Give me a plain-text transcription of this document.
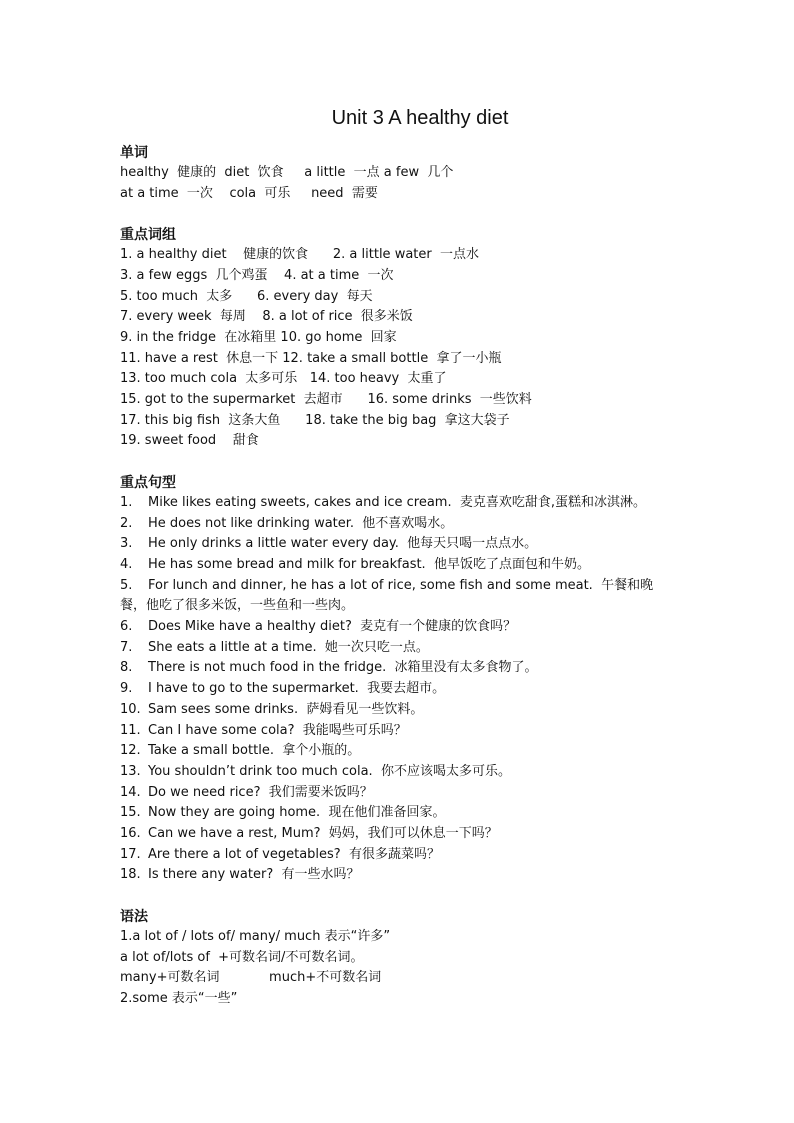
Unit 3 A healthy diet

单词

healthy  健康的  diet  饮食     a little  一点 a few  几个

at a time  一次    cola  可乐     need  需要

重点词组

1. a healthy diet    健康的饮食      2. a little water  一点水

3. a few eggs  几个鸡蛋    4. at a time  一次

5. too much  太多      6. every day  每天

7. every week  每周    8. a lot of rice  很多米饭

9. in the fridge  在冰箱里 10. go home  回家

11. have a rest  休息一下 12. take a small bottle  拿了一小瓶

13. too much cola  太多可乐   14. too heavy  太重了

15. got to the supermarket  去超市      16. some drinks  一些饮料

17. this big fish  这条大鱼      18. take the big bag  拿这大袋子

19. sweet food    甜食

重点句型

1. Mike likes eating sweets, cakes and ice cream.  麦克喜欢吃甜食,蛋糕和冰淇淋。

2. He does not like drinking water.  他不喜欢喝水。

3. He only drinks a little water every day.  他每天只喝一点点水。

4. He has some bread and milk for breakfast.  他早饭吃了点面包和牛奶。

5. For lunch and dinner, he has a lot of rice, some fish and some meat.  午餐和晚

餐，他吃了很多米饭，一些鱼和一些肉。

6. Does Mike have a healthy diet?  麦克有一个健康的饮食吗？

7. She eats a little at a time.  她一次只吃一点。

8. There is not much food in the fridge.  冰箱里没有太多食物了。

9. I have to go to the supermarket.  我要去超市。

10. Sam sees some drinks.  萨姆看见一些饮料。

11. Can I have some cola?  我能喝些可乐吗？

12. Take a small bottle.  拿个小瓶的。

13. You shouldn’t drink too much cola.  你不应该喝太多可乐。

14. Do we need rice?  我们需要米饭吗？

15. Now they are going home.  现在他们准备回家。

16. Can we have a rest, Mum?  妈妈，我们可以休息一下吗？

17. Are there a lot of vegetables?  有很多蔬菜吗？

18. Is there any water?  有一些水吗？

语法

1.a lot of / lots of/ many/ much 表示“许多”

a lot of/lots of  +可数名词/不可数名词。

many+可数名词            much+不可数名词

2.some 表示“一些”
